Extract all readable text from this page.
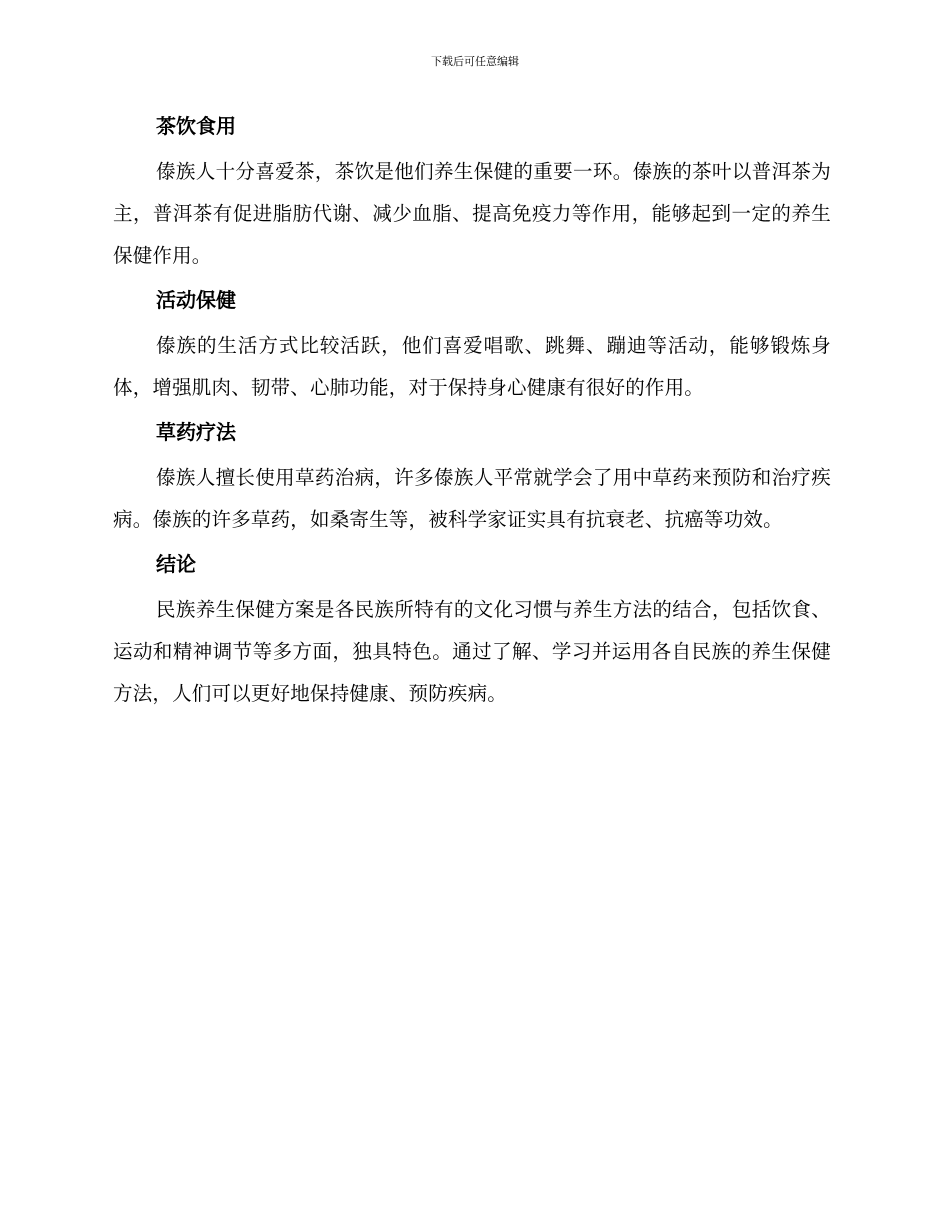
下载后可任意编辑
茶饮食用

傣族人十分喜爱茶，茶饮是他们养生保健的重要一环。傣族的茶叶以普洱茶为主，普洱茶有促进脂肪代谢、减少血脂、提高免疫力等作用，能够起到一定的养生保健作用。

活动保健

傣族的生活方式比较活跃，他们喜爱唱歌、跳舞、蹦迪等活动，能够锻炼身体，增强肌肉、韧带、心肺功能，对于保持身心健康有很好的作用。

草药疗法

傣族人擅长使用草药治病，许多傣族人平常就学会了用中草药来预防和治疗疾病。傣族的许多草药，如桑寄生等，被科学家证实具有抗衰老、抗癌等功效。

结论

民族养生保健方案是各民族所特有的文化习惯与养生方法的结合，包括饮食、运动和精神调节等多方面，独具特色。通过了解、学习并运用各自民族的养生保健方法，人们可以更好地保持健康、预防疾病。
